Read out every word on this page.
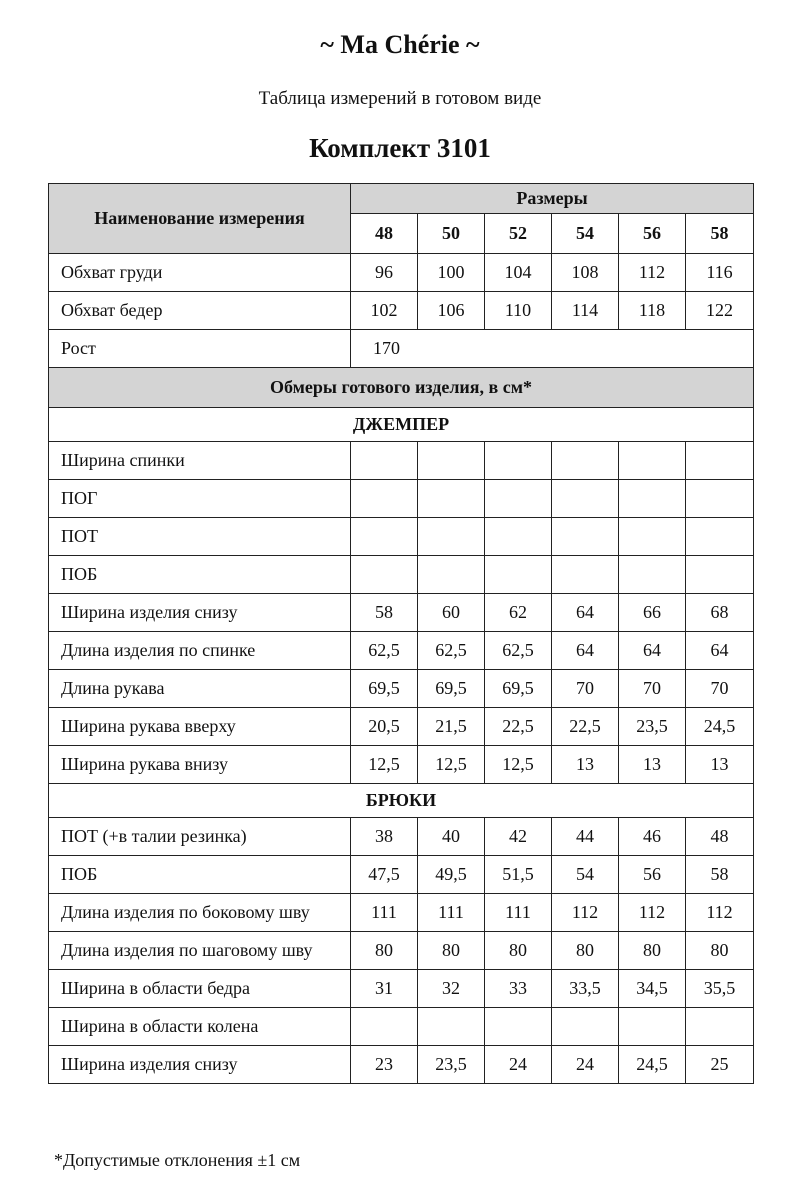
~ Ma Chérie ~
Таблица измерений в готовом виде
Комплект 3101
Наименование измерения	Размеры					
	48	50	52	54	56	58
Обхват груди	96	100	104	108	112	116
Обхват бедер	102	106	110	114	118	122
Рост	170					
Обмеры готового изделия, в см*						
ДЖЕМПЕР						
Ширина спинки						
ПОГ						
ПОТ						
ПОБ						
Ширина изделия снизу	58	60	62	64	66	68
Длина изделия по спинке	62,5	62,5	62,5	64	64	64
Длина рукава	69,5	69,5	69,5	70	70	70
Ширина рукава вверху	20,5	21,5	22,5	22,5	23,5	24,5
Ширина рукава внизу	12,5	12,5	12,5	13	13	13
БРЮКИ						
ПОТ (+в талии резинка)	38	40	42	44	46	48
ПОБ	47,5	49,5	51,5	54	56	58
Длина изделия по боковому шву	111	111	111	112	112	112
Длина изделия по шаговому шву	80	80	80	80	80	80
Ширина в области бедра	31	32	33	33,5	34,5	35,5
Ширина в области колена						
Ширина изделия снизу	23	23,5	24	24	24,5	25
*Допустимые отклонения ±1 см
